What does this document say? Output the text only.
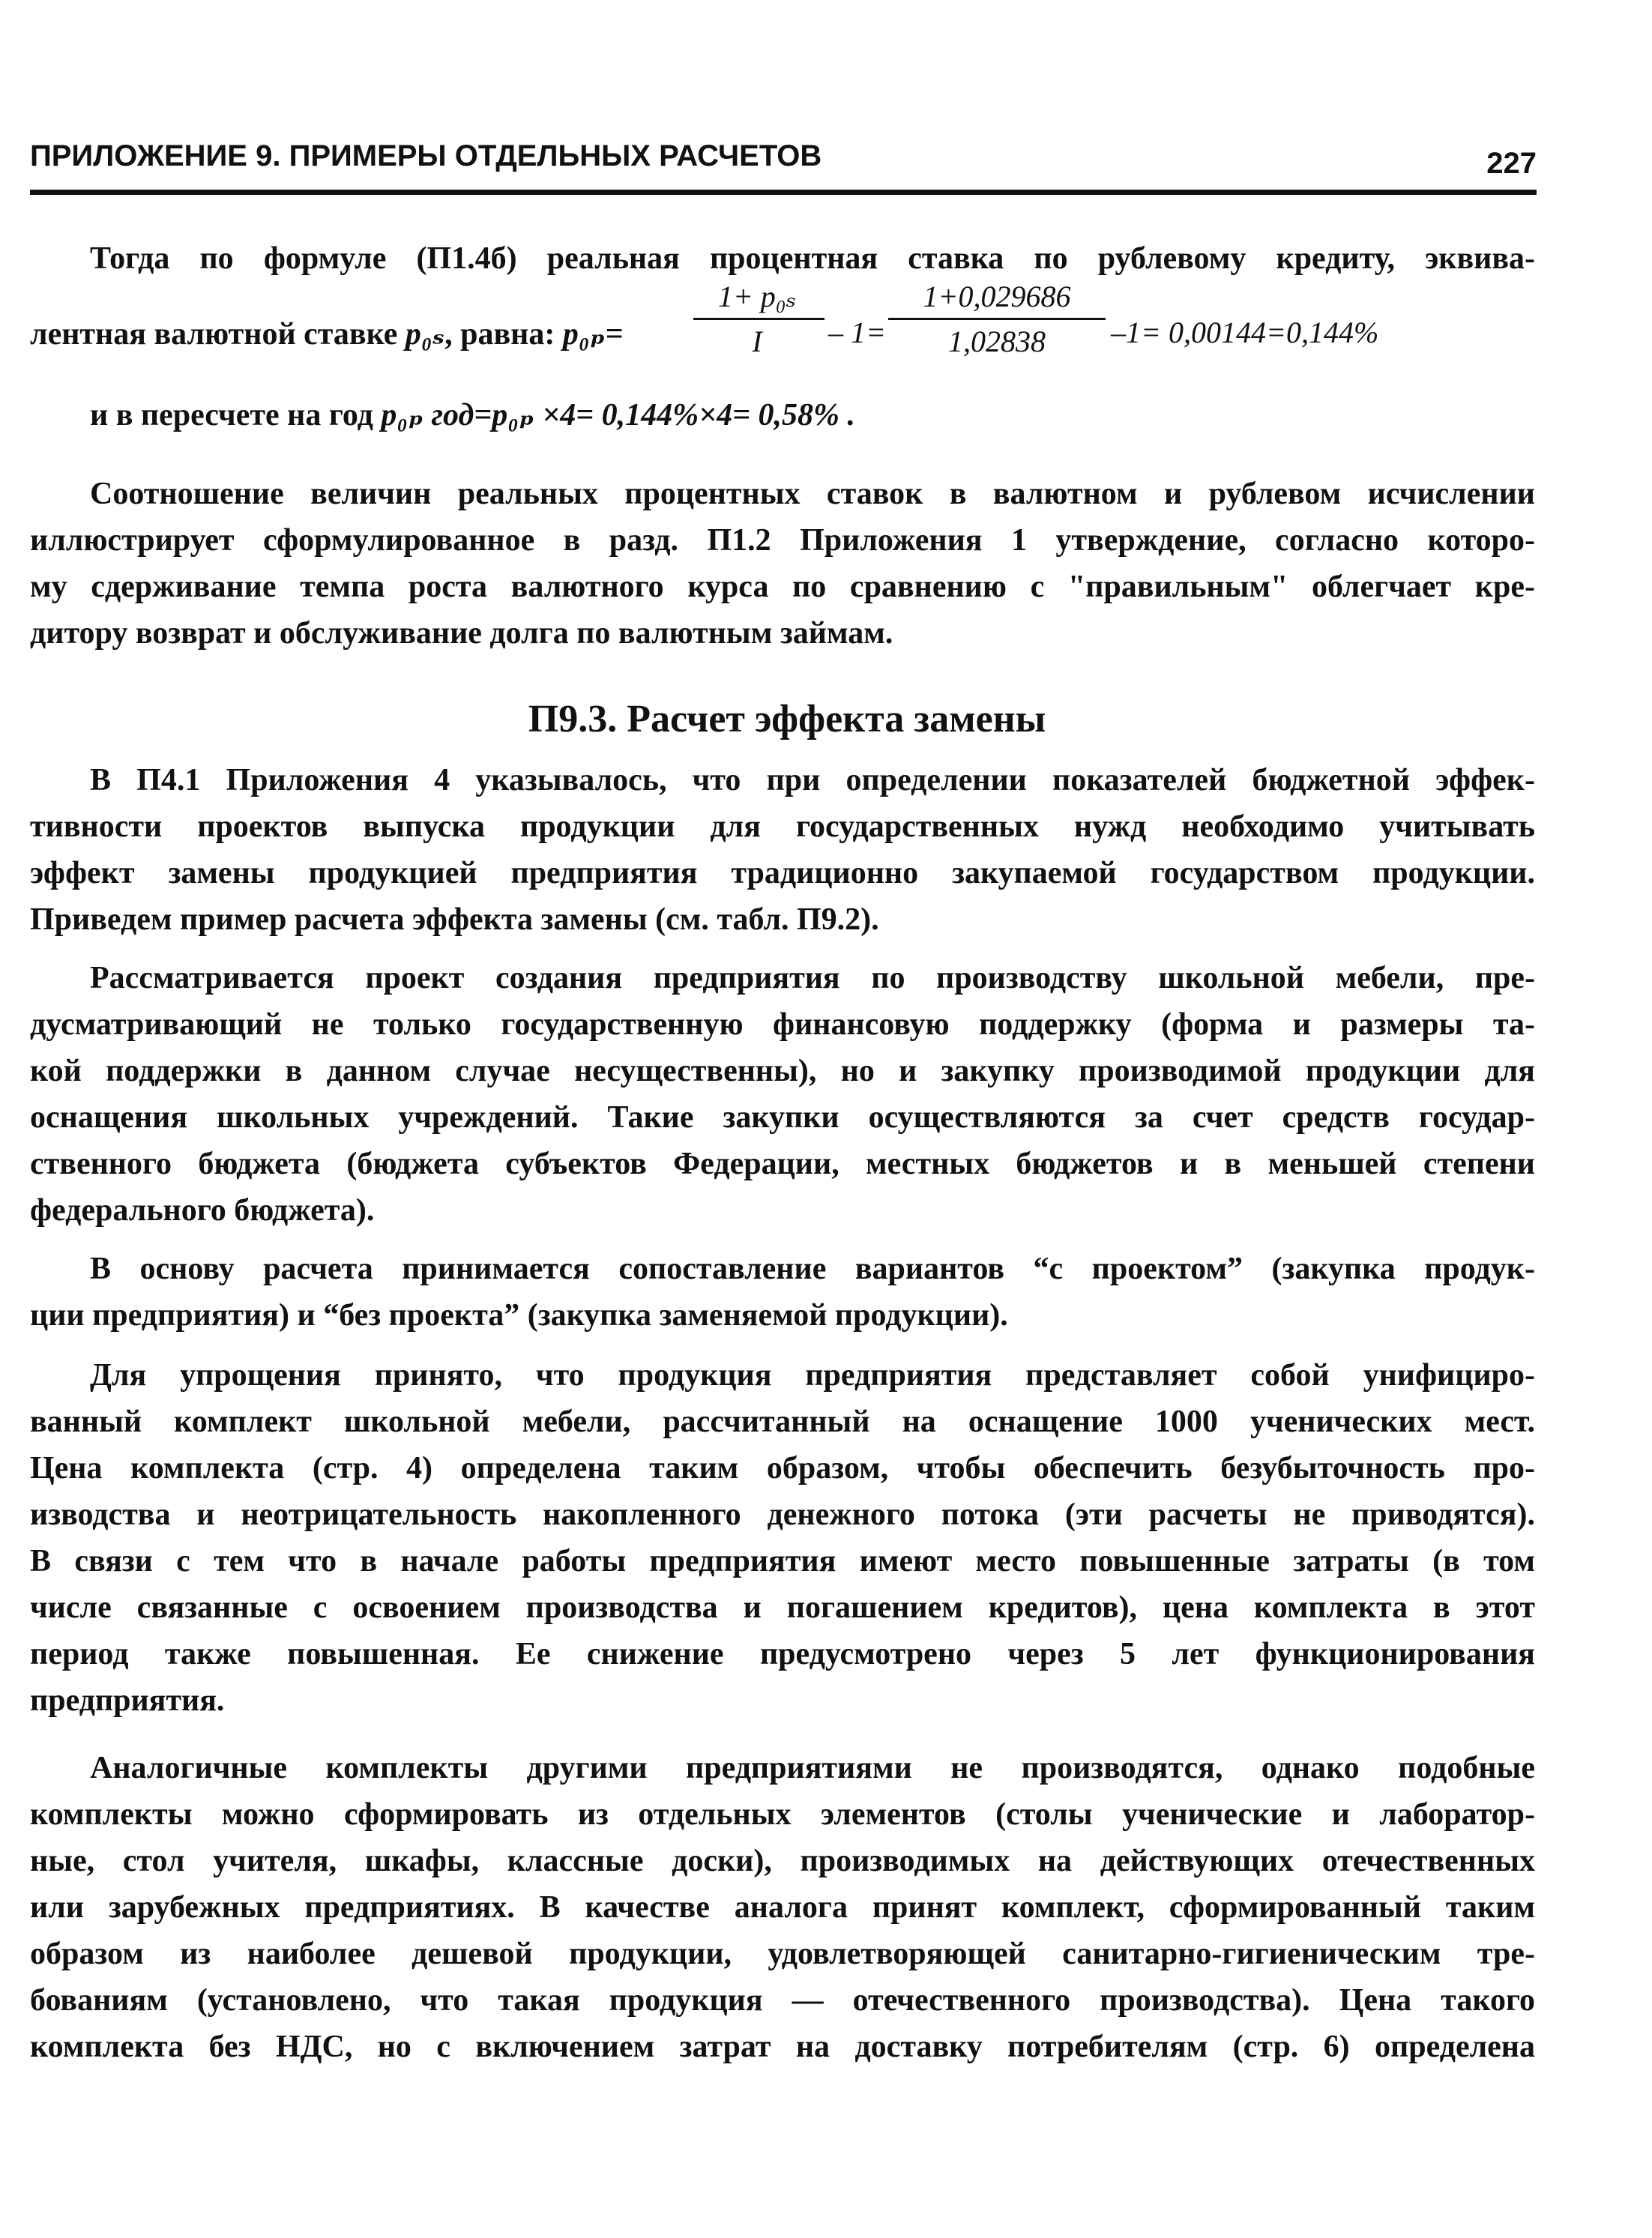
ПРИЛОЖЕНИЕ 9. ПРИМЕРЫ ОТДЕЛЬНЫХ РАСЧЕТОВ	227
Тогда по формуле (П1.4б) реальная процентная ставка по рублевому кредиту, эквива-
лентная валютной ставке p₀ₛ, равна: p₀ₚ=
1+ p₀ₛ
I	– 1=
1+0,029686
1,02838	–1= 0,00144=0,144%
и в пересчете на год p₀ₚ год=p₀ₚ ×4= 0,144%×4= 0,58% .
Соотношение величин реальных процентных ставок в валютном и рублевом исчислении
иллюстрирует сформулированное в разд. П1.2 Приложения 1 утверждение, согласно которо-
му сдерживание темпа роста валютного курса по сравнению с "правильным" облегчает кре-
дитору возврат и обслуживание долга по валютным займам.
П9.3. Расчет эффекта замены
В П4.1 Приложения 4 указывалось, что при определении показателей бюджетной эффек-
тивности проектов выпуска продукции для государственных нужд необходимо учитывать
эффект замены продукцией предприятия традиционно закупаемой государством продукции.
Приведем пример расчета эффекта замены (см. табл. П9.2).
Рассматривается проект создания предприятия по производству школьной мебели, пре-
дусматривающий не только государственную финансовую поддержку (форма и размеры та-
кой поддержки в данном случае несущественны), но и закупку производимой продукции для
оснащения школьных учреждений. Такие закупки осуществляются за счет средств государ-
ственного бюджета (бюджета субъектов Федерации, местных бюджетов и в меньшей степени
федерального бюджета).
В основу расчета принимается сопоставление вариантов “с проектом” (закупка продук-
ции предприятия) и “без проекта” (закупка заменяемой продукции).
Для упрощения принято, что продукция предприятия представляет собой унифициро-
ванный комплект школьной мебели, рассчитанный на оснащение 1000 ученических мест.
Цена комплекта (стр. 4) определена таким образом, чтобы обеспечить безубыточность про-
изводства и неотрицательность накопленного денежного потока (эти расчеты не приводятся).
В связи с тем что в начале работы предприятия имеют место повышенные затраты (в том
числе связанные с освоением производства и погашением кредитов), цена комплекта в этот
период также повышенная. Ее снижение предусмотрено через 5 лет функционирования
предприятия.
Аналогичные комплекты другими предприятиями не производятся, однако подобные
комплекты можно сформировать из отдельных элементов (столы ученические и лаборатор-
ные, стол учителя, шкафы, классные доски), производимых на действующих отечественных
или зарубежных предприятиях. В качестве аналога принят комплект, сформированный таким
образом из наиболее дешевой продукции, удовлетворяющей санитарно-гигиеническим тре-
бованиям (установлено, что такая продукция — отечественного производства). Цена такого
комплекта без НДС, но с включением затрат на доставку потребителям (стр. 6) определена
